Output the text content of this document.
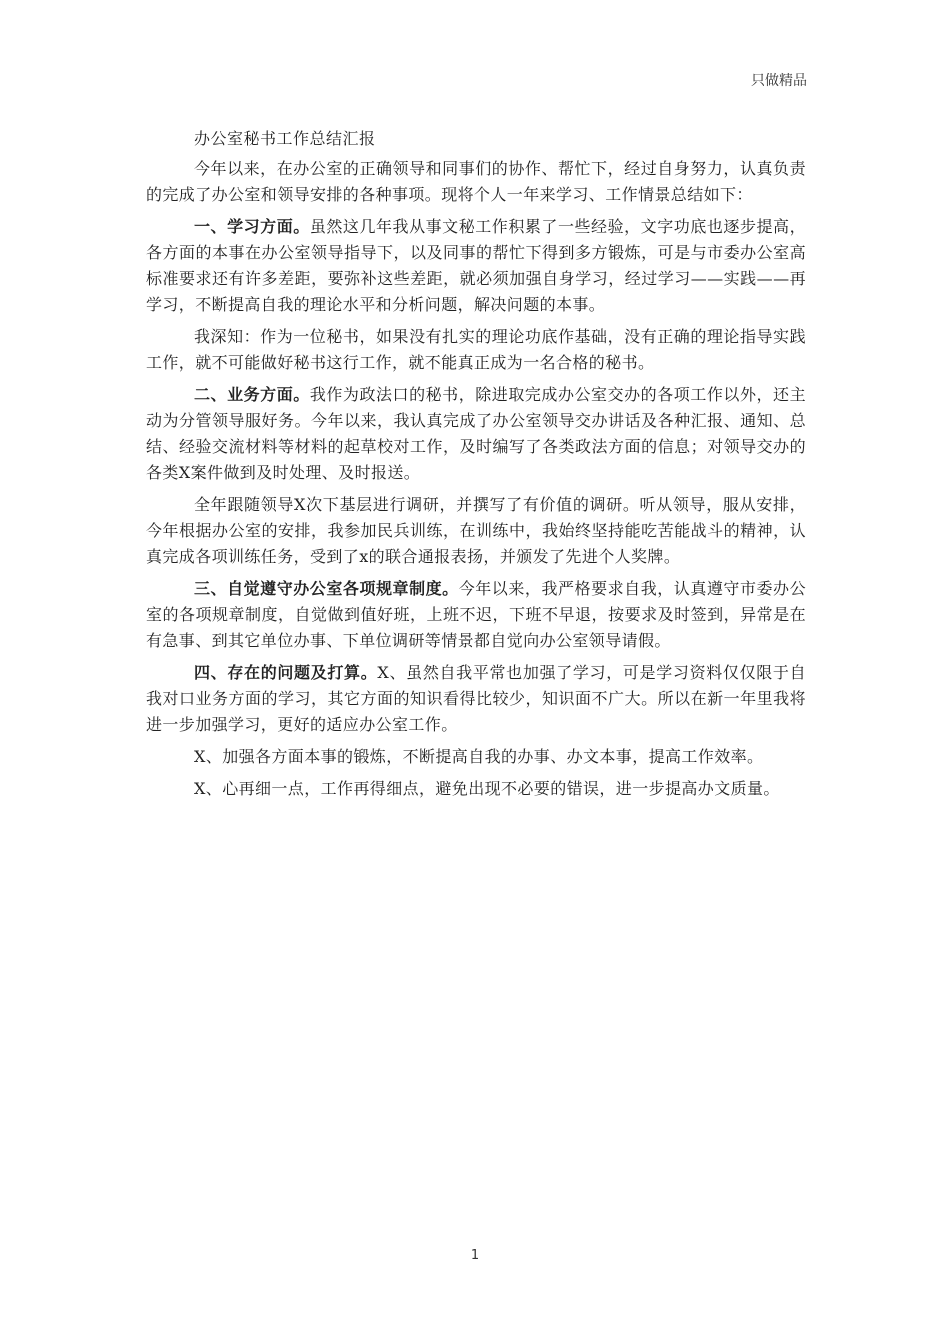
只做精品
办公室秘书工作总结汇报

今年以来，在办公室的正确领导和同事们的协作、帮忙下，经过自身努力，认真负责的完成了办公室和领导安排的各种事项。现将个人一年来学习、工作情景总结如下：

一、学习方面。虽然这几年我从事文秘工作积累了一些经验，文字功底也逐步提高，各方面的本事在办公室领导指导下，以及同事的帮忙下得到多方锻炼，可是与市委办公室高标准要求还有许多差距，要弥补这些差距，就必须加强自身学习，经过学习——实践——再学习，不断提高自我的理论水平和分析问题，解决问题的本事。

我深知：作为一位秘书，如果没有扎实的理论功底作基础，没有正确的理论指导实践工作，就不可能做好秘书这行工作，就不能真正成为一名合格的秘书。

二、业务方面。我作为政法口的秘书，除进取完成办公室交办的各项工作以外，还主动为分管领导服好务。今年以来，我认真完成了办公室领导交办讲话及各种汇报、通知、总结、经验交流材料等材料的起草校对工作，及时编写了各类政法方面的信息；对领导交办的各类X案件做到及时处理、及时报送。

全年跟随领导X次下基层进行调研，并撰写了有价值的调研。听从领导，服从安排，今年根据办公室的安排，我参加民兵训练，在训练中，我始终坚持能吃苦能战斗的精神，认真完成各项训练任务，受到了x的联合通报表扬，并颁发了先进个人奖牌。

三、自觉遵守办公室各项规章制度。今年以来，我严格要求自我，认真遵守市委办公室的各项规章制度，自觉做到值好班，上班不迟，下班不早退，按要求及时签到，异常是在有急事、到其它单位办事、下单位调研等情景都自觉向办公室领导请假。

四、存在的问题及打算。X、虽然自我平常也加强了学习，可是学习资料仅仅限于自我对口业务方面的学习，其它方面的知识看得比较少，知识面不广大。所以在新一年里我将进一步加强学习，更好的适应办公室工作。

X、加强各方面本事的锻炼，不断提高自我的办事、办文本事，提高工作效率。

X、心再细一点，工作再得细点，避免出现不必要的错误，进一步提高办文质量。

1
